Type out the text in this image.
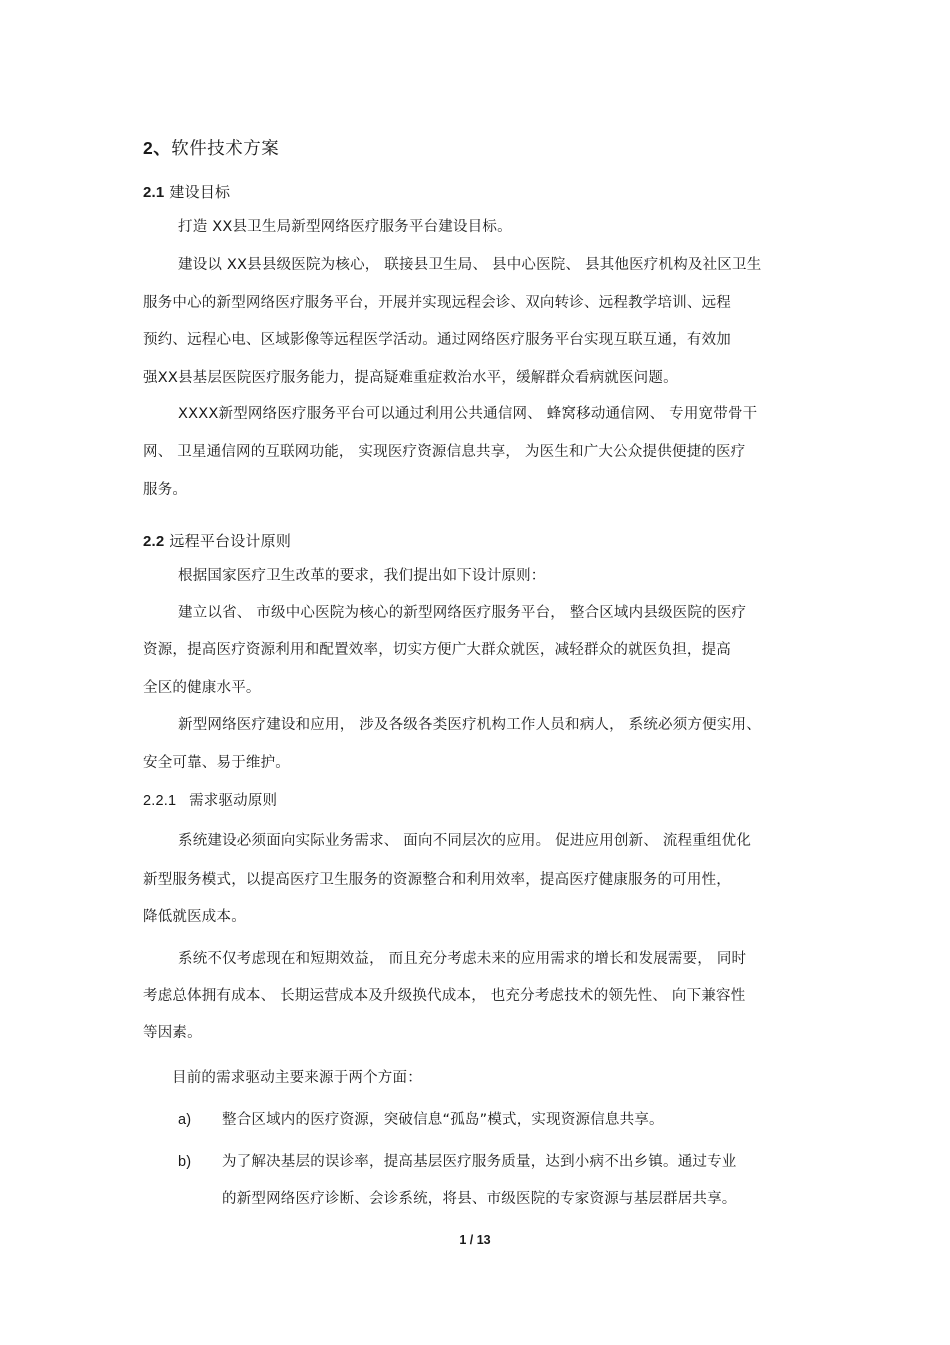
2、软件技术方案
2.1 建设目标
打造 XX县卫生局新型网络医疗服务平台建设目标。
建设以 XX县县级医院为核心， 联接县卫生局、 县中心医院、 县其他医疗机构及社区卫生
服务中心的新型网络医疗服务平台，开展并实现远程会诊、双向转诊、远程教学培训、远程
预约、远程心电、区域影像等远程医学活动。通过网络医疗服务平台实现互联互通，有效加
强XX县基层医院医疗服务能力，提高疑难重症救治水平，缓解群众看病就医问题。
XXXX新型网络医疗服务平台可以通过利用公共通信网、 蜂窝移动通信网、 专用宽带骨干
网、 卫星通信网的互联网功能， 实现医疗资源信息共享， 为医生和广大公众提供便捷的医疗
服务。
2.2 远程平台设计原则
根据国家医疗卫生改革的要求，我们提出如下设计原则：
建立以省、 市级中心医院为核心的新型网络医疗服务平台， 整合区域内县级医院的医疗
资源，提高医疗资源利用和配置效率，切实方便广大群众就医，减轻群众的就医负担，提高
全区的健康水平。
新型网络医疗建设和应用， 涉及各级各类医疗机构工作人员和病人， 系统必须方便实用、
安全可靠、易于维护。
2.2.1 需求驱动原则
系统建设必须面向实际业务需求、 面向不同层次的应用。 促进应用创新、 流程重组优化
新型服务模式，以提高医疗卫生服务的资源整合和利用效率，提高医疗健康服务的可用性，
降低就医成本。
系统不仅考虑现在和短期效益， 而且充分考虑未来的应用需求的增长和发展需要， 同时
考虑总体拥有成本、 长期运营成本及升级换代成本， 也充分考虑技术的领先性、 向下兼容性
等因素。
目前的需求驱动主要来源于两个方面：
a) 整合区域内的医疗资源，突破信息“孤岛”模式，实现资源信息共享。
b) 为了解决基层的误诊率，提高基层医疗服务质量，达到小病不出乡镇。通过专业
的新型网络医疗诊断、会诊系统，将县、市级医院的专家资源与基层群居共享。
1 / 13
